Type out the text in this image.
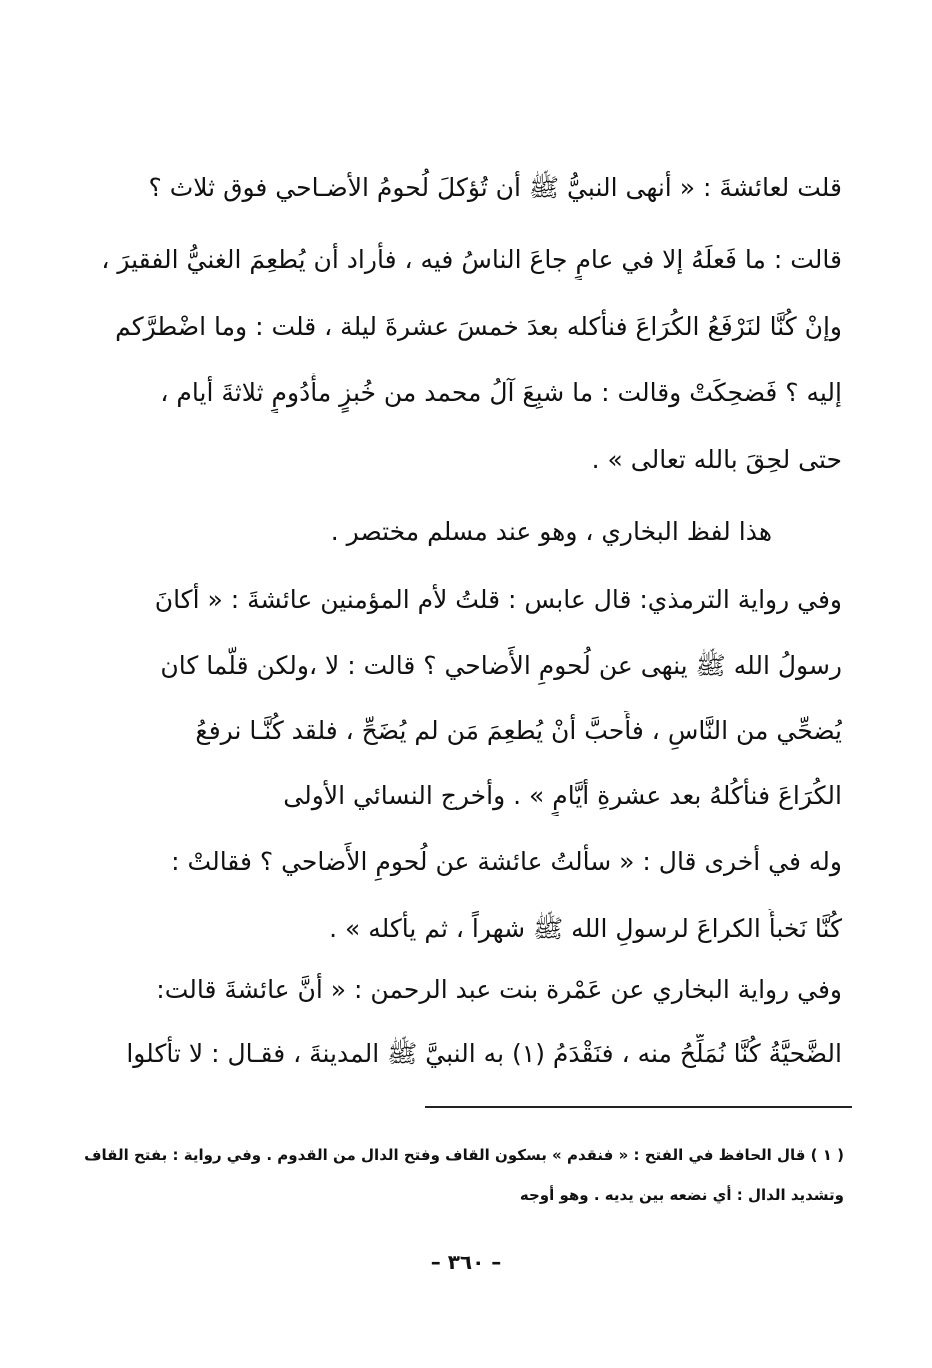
قلت لعائشةَ : « أنهى النبيُّ ﷺ أن تُؤكلَ لُحومُ الأضـاحي فوق ثلاث ؟
قالت : ما فَعلَهُ إلا في عامٍ جاعَ الناسُ فيه ، فأراد أن يُطعِمَ الغنيُّ الفقيرَ ،
وإنْ كُنَّا لنَرْفَعُ الكُرَاعَ فنأكله بعدَ خمسَ عشرةَ ليلة ، قلت : وما اضْطرَّكم
إليه ؟ فَضحِكَتْ وقالت : ما شبِعَ آلُ محمد من خُبزٍ مأْدُومٍ ثلاثةَ أيام ،
حتى لحِقَ بالله تعالى » .
هذا لفظ البخاري ، وهو عند مسلم مختصر .
وفي رواية الترمذي: قال عابس : قلتُ لأم المؤمنين عائشةَ : « أكانَ
رسولُ الله ﷺ ينهى عن لُحومِ الأَضاحي ؟ قالت : لا ،ولكن قلّما كان
يُضحِّي من النَّاسِ ، فأَحبَّ أنْ يُطعِمَ مَن لم يُضَحِّ ، فلقد كُنَّـا نرفعُ
الكُرَاعَ فنأكُلهُ بعد عشرةِ أيَّامٍ » . وأخرج النسائي الأولى
وله في أخرى قال : « سألتُ عائشة عن لُحومِ الأَضاحي ؟ فقالتْ :
كُنَّا نَخبأُ الكراعَ لرسولِ الله ﷺ شهراً ، ثم يأكله » .
وفي رواية البخاري عن عَمْرة بنت عبد الرحمن : « أنَّ عائشةَ قالت:
الضَّحيَّةُ كُنَّا نُمَلِّحُ منه ، فنَقْدَمُ (١) به النبيَّ ﷺ المدينةَ ، فقـال : لا تأكلوا
( ١ ) قال الحافظ في الفتح : « فنقدم » بسكون القاف وفتح الدال من القدوم . وفي رواية : بفتح القاف
وتشديد الدال : أي نضعه بين يديه . وهو أوجه
– ٣٦٠ –
